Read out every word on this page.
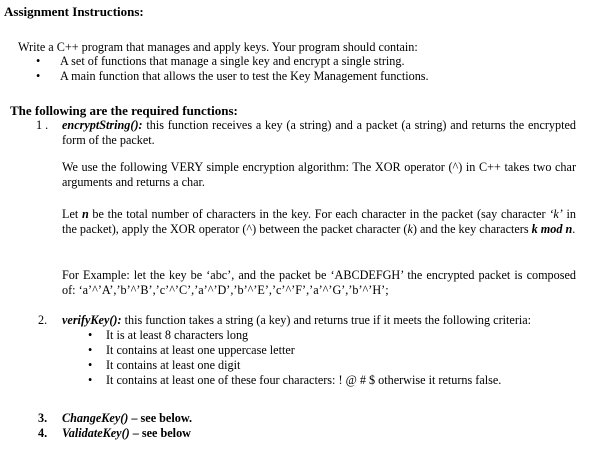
Assignment Instructions:
Write a C++ program that manages and apply keys. Your program should contain:
• A set of functions that manage a single key and encrypt a single string.
• A main function that allows the user to test the Key Management functions.
The following are the required functions:
1 . encryptString(): this function receives a key (a string) and a packet (a string) and returns the encrypted form of the packet.
We use the following VERY simple encryption algorithm: The XOR operator (^) in C++ takes two char arguments and returns a char.
Let n be the total number of characters in the key. For each character in the packet (say character ‘k’ in the packet), apply the XOR operator (^) between the packet character (k) and the key characters k mod n.
For Example: let the key be ‘abc’, and the packet be ‘ABCDEFGH’ the encrypted packet is composed of: ‘a’^’A’,’b’^’B’,’c’^’C’,’a’^’D’,’b’^’E’,’c’^’F’,’a’^’G’,’b’^’H’;
2. verifyKey(): this function takes a string (a key) and returns true if it meets the following criteria:
• It is at least 8 characters long
• It contains at least one uppercase letter
• It contains at least one digit
• It contains at least one of these four characters: ! @ # $ otherwise it returns false.
3. ChangeKey() – see below.
4. ValidateKey() – see below
